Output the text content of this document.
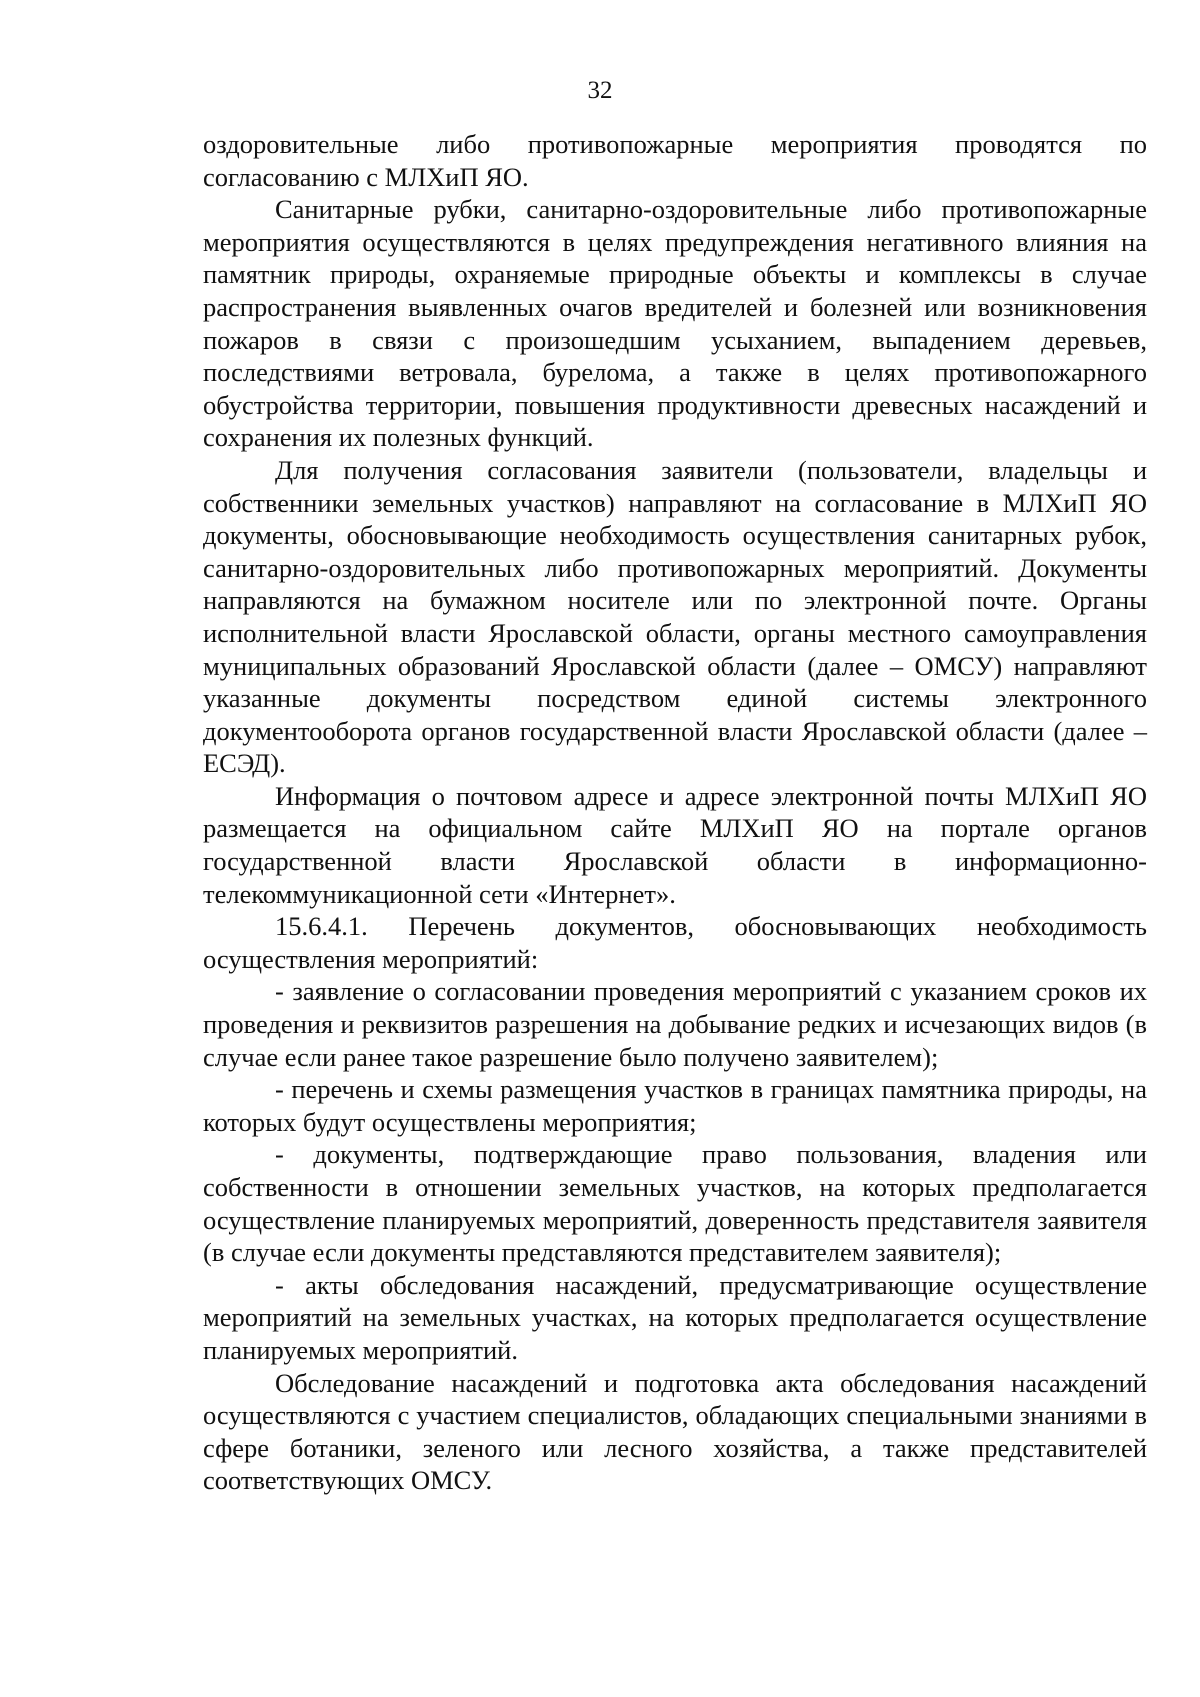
32

оздоровительные либо противопожарные мероприятия проводятся по согласованию с МЛХиП ЯО.

Санитарные рубки, санитарно-оздоровительные либо противопожарные мероприятия осуществляются в целях предупреждения негативного влияния на памятник природы, охраняемые природные объекты и комплексы в случае распространения выявленных очагов вредителей и болезней или возникновения пожаров в связи с произошедшим усыханием, выпадением деревьев, последствиями ветровала, бурелома, а также в целях противопожарного обустройства территории, повышения продуктивности древесных насаждений и сохранения их полезных функций.

Для получения согласования заявители (пользователи, владельцы и собственники земельных участков) направляют на согласование в МЛХиП ЯО документы, обосновывающие необходимость осуществления санитарных рубок, санитарно-оздоровительных либо противопожарных мероприятий. Документы направляются на бумажном носителе или по электронной почте. Органы исполнительной власти Ярославской области, органы местного самоуправления муниципальных образований Ярославской области (далее – ОМСУ) направляют указанные документы посредством единой системы электронного документооборота органов государственной власти Ярославской области (далее – ЕСЭД).

Информация о почтовом адресе и адресе электронной почты МЛХиП ЯО размещается на официальном сайте МЛХиП ЯО на портале органов государственной власти Ярославской области в информационно-телекоммуникационной сети «Интернет».

15.6.4.1. Перечень документов, обосновывающих необходимость осуществления мероприятий:

- заявление о согласовании проведения мероприятий с указанием сроков их проведения и реквизитов разрешения на добывание редких и исчезающих видов (в случае если ранее такое разрешение было получено заявителем);

- перечень и схемы размещения участков в границах памятника природы, на которых будут осуществлены мероприятия;

- документы, подтверждающие право пользования, владения или собственности в отношении земельных участков, на которых предполагается осуществление планируемых мероприятий, доверенность представителя заявителя (в случае если документы представляются представителем заявителя);

- акты обследования насаждений, предусматривающие осуществление мероприятий на земельных участках, на которых предполагается осуществление планируемых мероприятий.

Обследование насаждений и подготовка акта обследования насаждений осуществляются с участием специалистов, обладающих специальными знаниями в сфере ботаники, зеленого или лесного хозяйства, а также представителей соответствующих ОМСУ.
